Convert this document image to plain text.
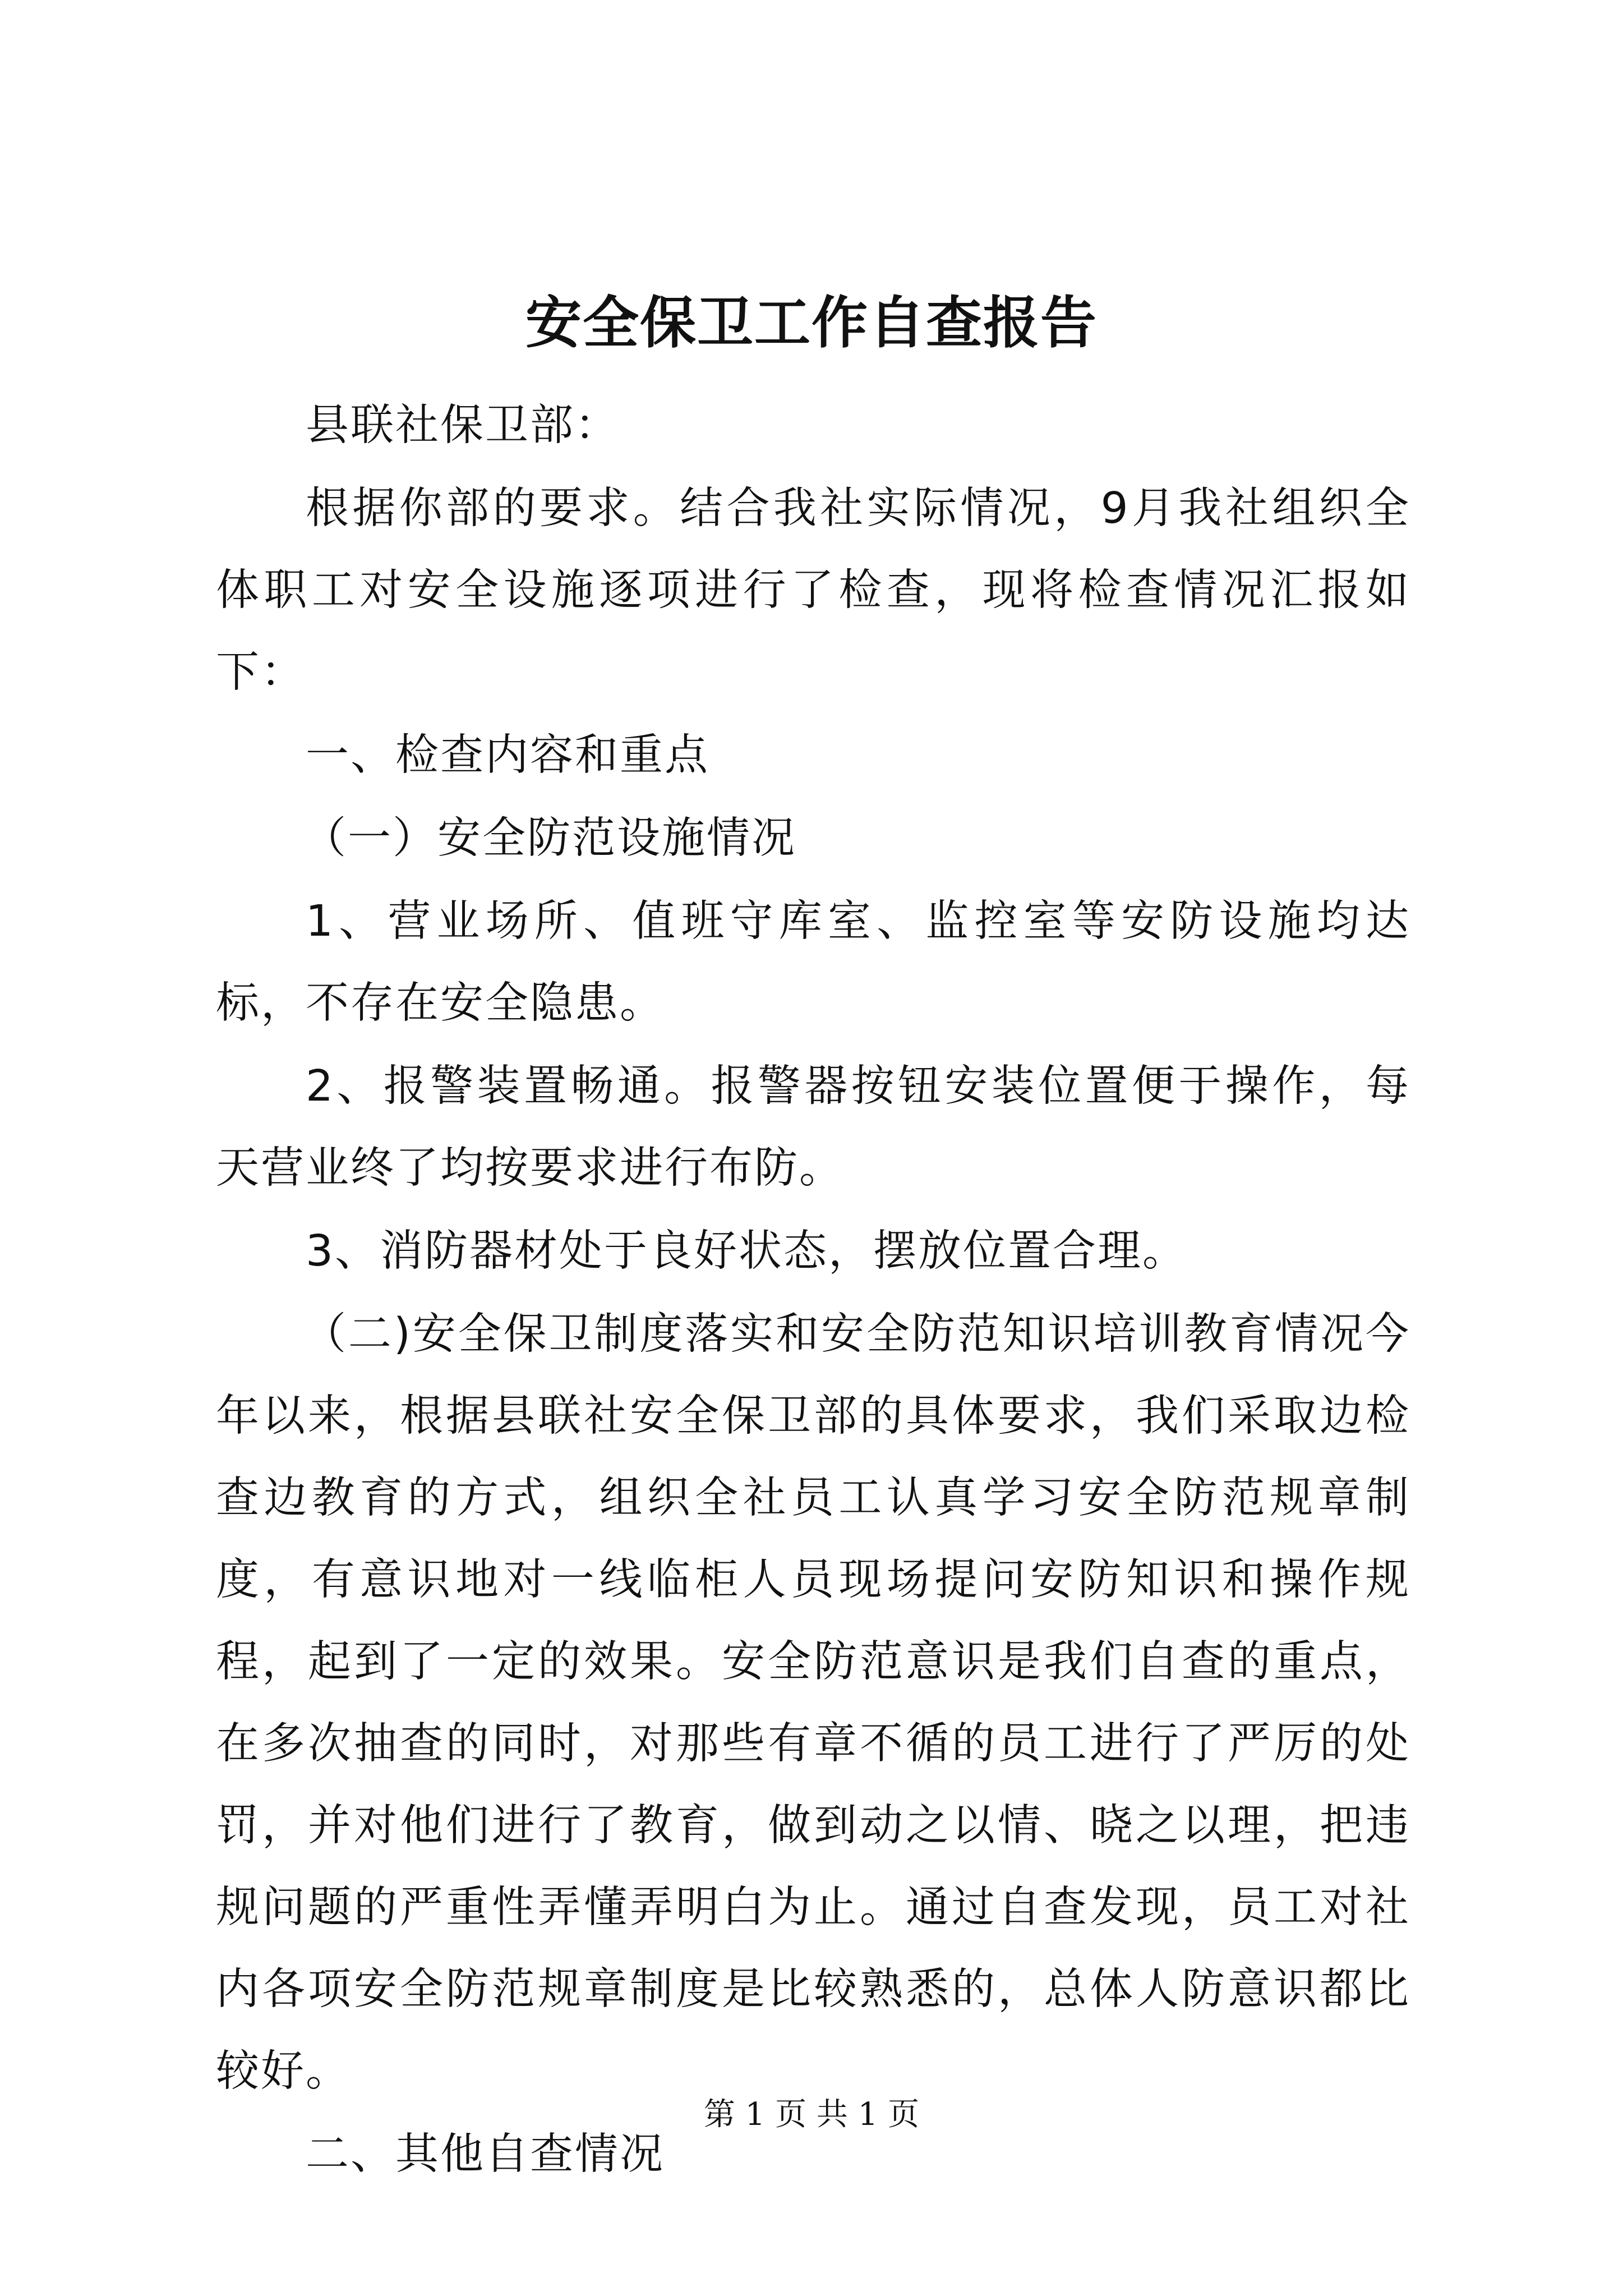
安全保卫工作自查报告

县联社保卫部：

根据你部的要求。结合我社实际情况，9月我社组织全体职工对安全设施逐项进行了检查，现将检查情况汇报如下：

一、检查内容和重点

（一）安全防范设施情况

1、营业场所、值班守库室、监控室等安防设施均达标，不存在安全隐患。

2、报警装置畅通。报警器按钮安装位置便于操作，每天营业终了均按要求进行布防。

3、消防器材处于良好状态，摆放位置合理。

（二)安全保卫制度落实和安全防范知识培训教育情况今年以来，根据县联社安全保卫部的具体要求，我们采取边检查边教育的方式，组织全社员工认真学习安全防范规章制度，有意识地对一线临柜人员现场提问安防知识和操作规程，起到了一定的效果。安全防范意识是我们自查的重点，在多次抽查的同时，对那些有章不循的员工进行了严厉的处罚，并对他们进行了教育，做到动之以情、晓之以理，把违规问题的严重性弄懂弄明白为止。通过自查发现，员工对社内各项安全防范规章制度是比较熟悉的，总体人防意识都比较好。

二、其他自查情况

第 1 页 共 1 页
